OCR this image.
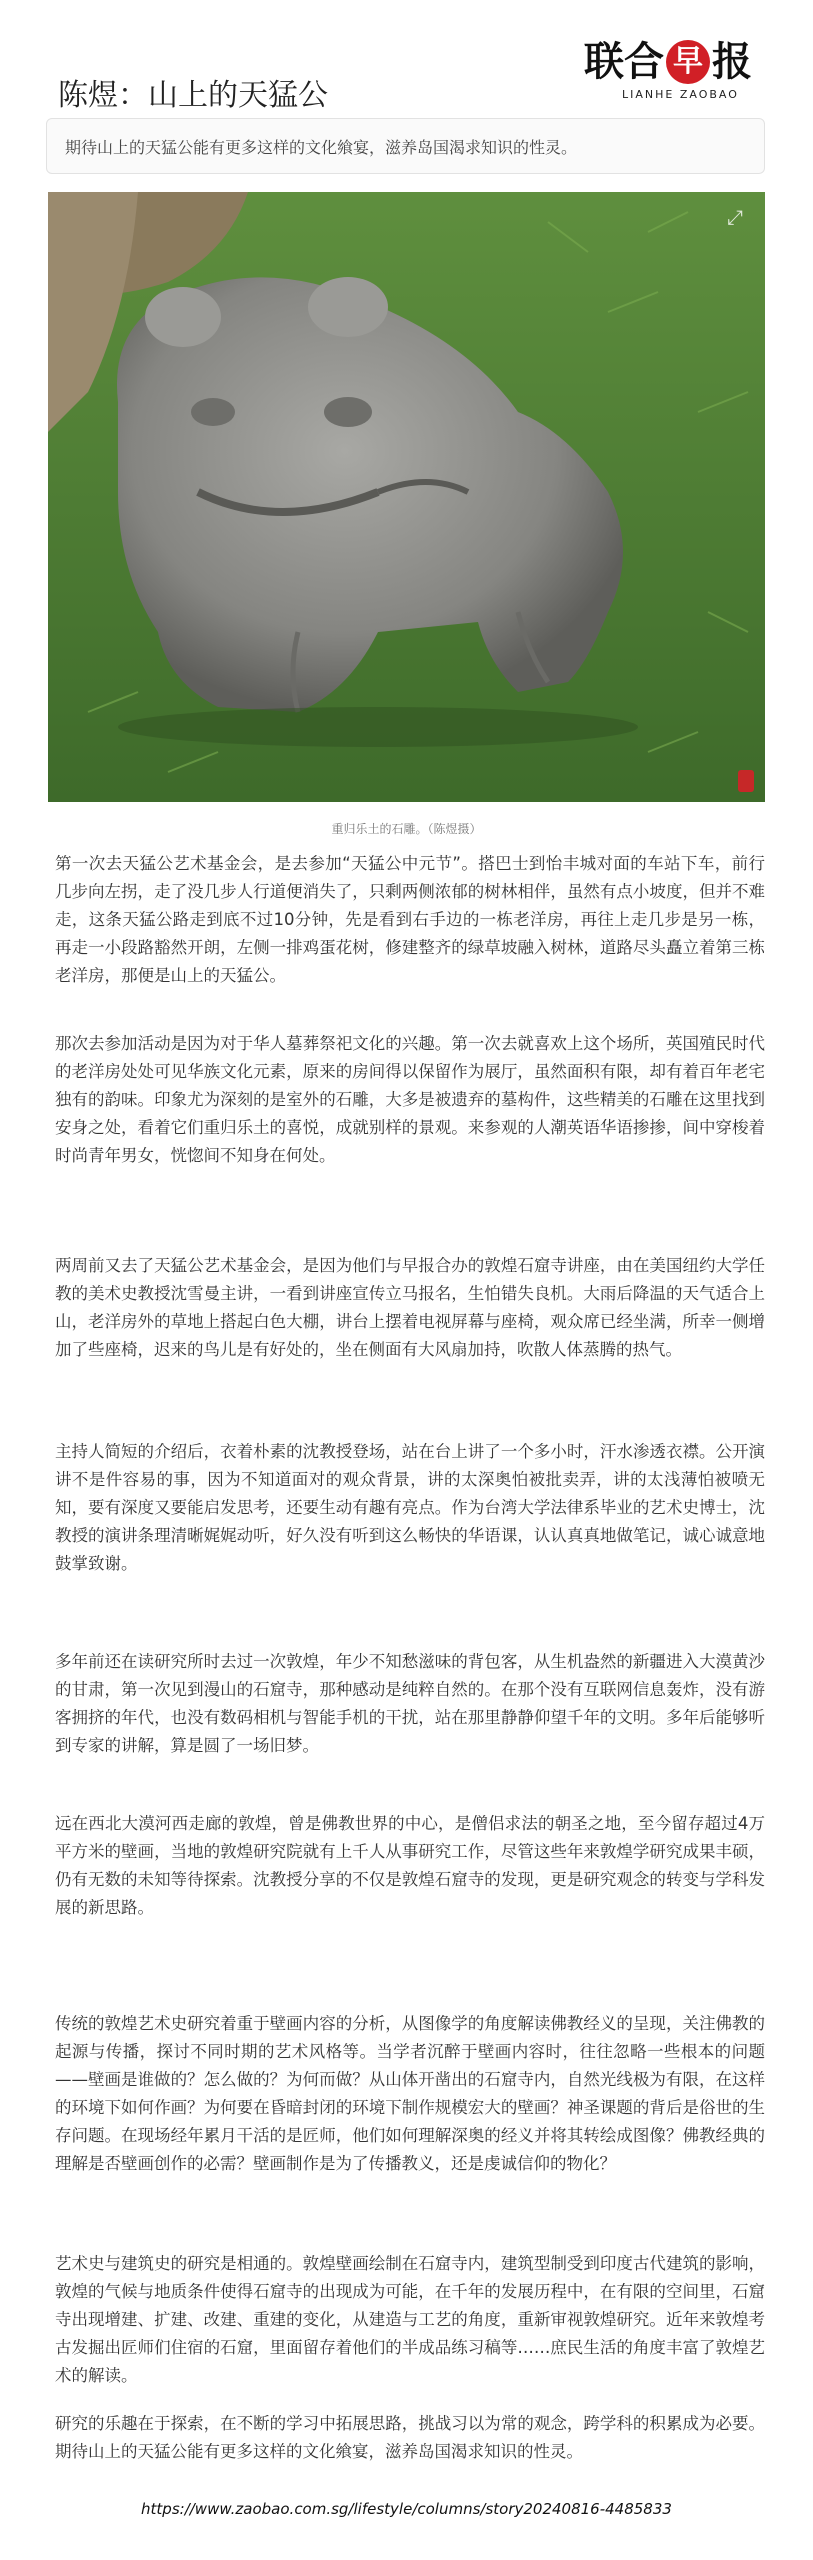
陈煜：山上的天猛公
联合 早 报
LIANHE ZAOBAO
期待山上的天猛公能有更多这样的文化飨宴，滋养岛国渴求知识的性灵。
⤢
重归乐土的石雕。（陈煜摄）

第一次去天猛公艺术基金会，是去参加“天猛公中元节”。搭巴士到怡丰城对面的车站下车，前行几步向左拐，走了没几步人行道便消失了，只剩两侧浓郁的树林相伴，虽然有点小坡度，但并不难走，这条天猛公路走到底不过10分钟，先是看到右手边的一栋老洋房，再往上走几步是另一栋，再走一小段路豁然开朗，左侧一排鸡蛋花树，修建整齐的绿草坡融入树林，道路尽头矗立着第三栋老洋房，那便是山上的天猛公。

那次去参加活动是因为对于华人墓葬祭祀文化的兴趣。第一次去就喜欢上这个场所，英国殖民时代的老洋房处处可见华族文化元素，原来的房间得以保留作为展厅，虽然面积有限，却有着百年老宅独有的韵味。印象尤为深刻的是室外的石雕，大多是被遗弃的墓构件，这些精美的石雕在这里找到安身之处，看着它们重归乐土的喜悦，成就别样的景观。来参观的人潮英语华语掺掺，间中穿梭着时尚青年男女，恍惚间不知身在何处。

两周前又去了天猛公艺术基金会，是因为他们与早报合办的敦煌石窟寺讲座，由在美国纽约大学任教的美术史教授沈雪曼主讲，一看到讲座宣传立马报名，生怕错失良机。大雨后降温的天气适合上山，老洋房外的草地上搭起白色大棚，讲台上摆着电视屏幕与座椅，观众席已经坐满，所幸一侧增加了些座椅，迟来的鸟儿是有好处的，坐在侧面有大风扇加持，吹散人体蒸腾的热气。

主持人简短的介绍后，衣着朴素的沈教授登场，站在台上讲了一个多小时，汗水渗透衣襟。公开演讲不是件容易的事，因为不知道面对的观众背景，讲的太深奥怕被批卖弄，讲的太浅薄怕被喷无知，要有深度又要能启发思考，还要生动有趣有亮点。作为台湾大学法律系毕业的艺术史博士，沈教授的演讲条理清晰娓娓动听，好久没有听到这么畅快的华语课，认认真真地做笔记，诚心诚意地鼓掌致谢。

多年前还在读研究所时去过一次敦煌，年少不知愁滋味的背包客，从生机盎然的新疆进入大漠黄沙的甘肃，第一次见到漫山的石窟寺，那种感动是纯粹自然的。在那个没有互联网信息轰炸，没有游客拥挤的年代，也没有数码相机与智能手机的干扰，站在那里静静仰望千年的文明。多年后能够听到专家的讲解，算是圆了一场旧梦。

远在西北大漠河西走廊的敦煌，曾是佛教世界的中心，是僧侣求法的朝圣之地，至今留存超过4万平方米的壁画，当地的敦煌研究院就有上千人从事研究工作，尽管这些年来敦煌学研究成果丰硕，仍有无数的未知等待探索。沈教授分享的不仅是敦煌石窟寺的发现，更是研究观念的转变与学科发展的新思路。

传统的敦煌艺术史研究着重于壁画内容的分析，从图像学的角度解读佛教经义的呈现，关注佛教的起源与传播，探讨不同时期的艺术风格等。当学者沉醉于壁画内容时，往往忽略一些根本的问题——壁画是谁做的？怎么做的？为何而做？从山体开凿出的石窟寺内，自然光线极为有限，在这样的环境下如何作画？为何要在昏暗封闭的环境下制作规模宏大的壁画？神圣课题的背后是俗世的生存问题。在现场经年累月干活的是匠师，他们如何理解深奥的经义并将其转绘成图像？佛教经典的理解是否壁画创作的必需？壁画制作是为了传播教义，还是虔诚信仰的物化？

艺术史与建筑史的研究是相通的。敦煌壁画绘制在石窟寺内，建筑型制受到印度古代建筑的影响，敦煌的气候与地质条件使得石窟寺的出现成为可能，在千年的发展历程中，在有限的空间里，石窟寺出现增建、扩建、改建、重建的变化，从建造与工艺的角度，重新审视敦煌研究。近年来敦煌考古发掘出匠师们住宿的石窟，里面留存着他们的半成品练习稿等……庶民生活的角度丰富了敦煌艺术的解读。

研究的乐趣在于探索，在不断的学习中拓展思路，挑战习以为常的观念，跨学科的积累成为必要。期待山上的天猛公能有更多这样的文化飨宴，滋养岛国渴求知识的性灵。

https://www.zaobao.com.sg/lifestyle/columns/story20240816-4485833
